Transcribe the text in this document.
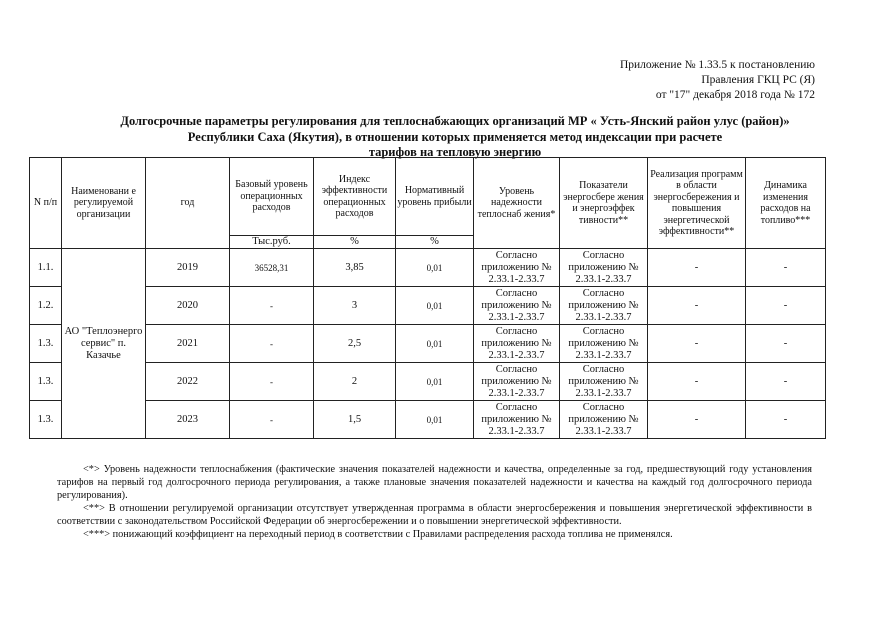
Приложение № 1.33.5 к постановлению
Правления ГКЦ РС (Я)
от "17" декабря 2018 года № 172
Долгосрочные параметры регулирования для теплоснабжающих организаций МР « Усть-Янский район улус (район)»
Республики Саха (Якутия), в отношении которых применяется метод индексации при расчете
тарифов на тепловую энергию
N п/п	Наименовани е регулируемой организации	год	Базовый уровень операционных расходов	Индекс эффективности операционных расходов	Нормативный уровень прибыли	Уровень надежности теплоснаб жения*	Показатели энергосбере жения и энергоэффек тивности**	Реализация программ в области энергосбережения и повышения энергетической эффективности**	Динамика изменения расходов на топливо***
			Тыс.руб.	%	%				
1.1.	АО "Теплоэнерго сервис" п. Казачье	2019	36528,31	3,85	0,01	Согласно приложению № 2.33.1-2.33.7	Согласно приложению № 2.33.1-2.33.7	-	-
1.2.		2020	-	3	0,01	Согласно приложению № 2.33.1-2.33.7	Согласно приложению № 2.33.1-2.33.7	-	-
1.3.		2021	-	2,5	0,01	Согласно приложению № 2.33.1-2.33.7	Согласно приложению № 2.33.1-2.33.7	-	-
1.3.		2022	-	2	0,01	Согласно приложению № 2.33.1-2.33.7	Согласно приложению № 2.33.1-2.33.7	-	-
1.3.		2023	-	1,5	0,01	Согласно приложению № 2.33.1-2.33.7	Согласно приложению № 2.33.1-2.33.7	-	-

<*> Уровень надежности теплоснабжения (фактические значения показателей надежности и качества, определенные за год, предшествующий году установления тарифов на первый год долгосрочного периода регулирования, а также плановые значения показателей надежности и качества на каждый год долгосрочного периода регулирования).

<**> В отношении регулируемой организации отсутствует утвержденная программа в области энергосбережения и повышения энергетической эффективности в соответствии с законодательством Российской Федерации об энергосбережении и о повышении энергетической эффективности.

<***> понижающий коэффициент на переходный период в соответствии с Правилами распределения расхода топлива не применялся.
